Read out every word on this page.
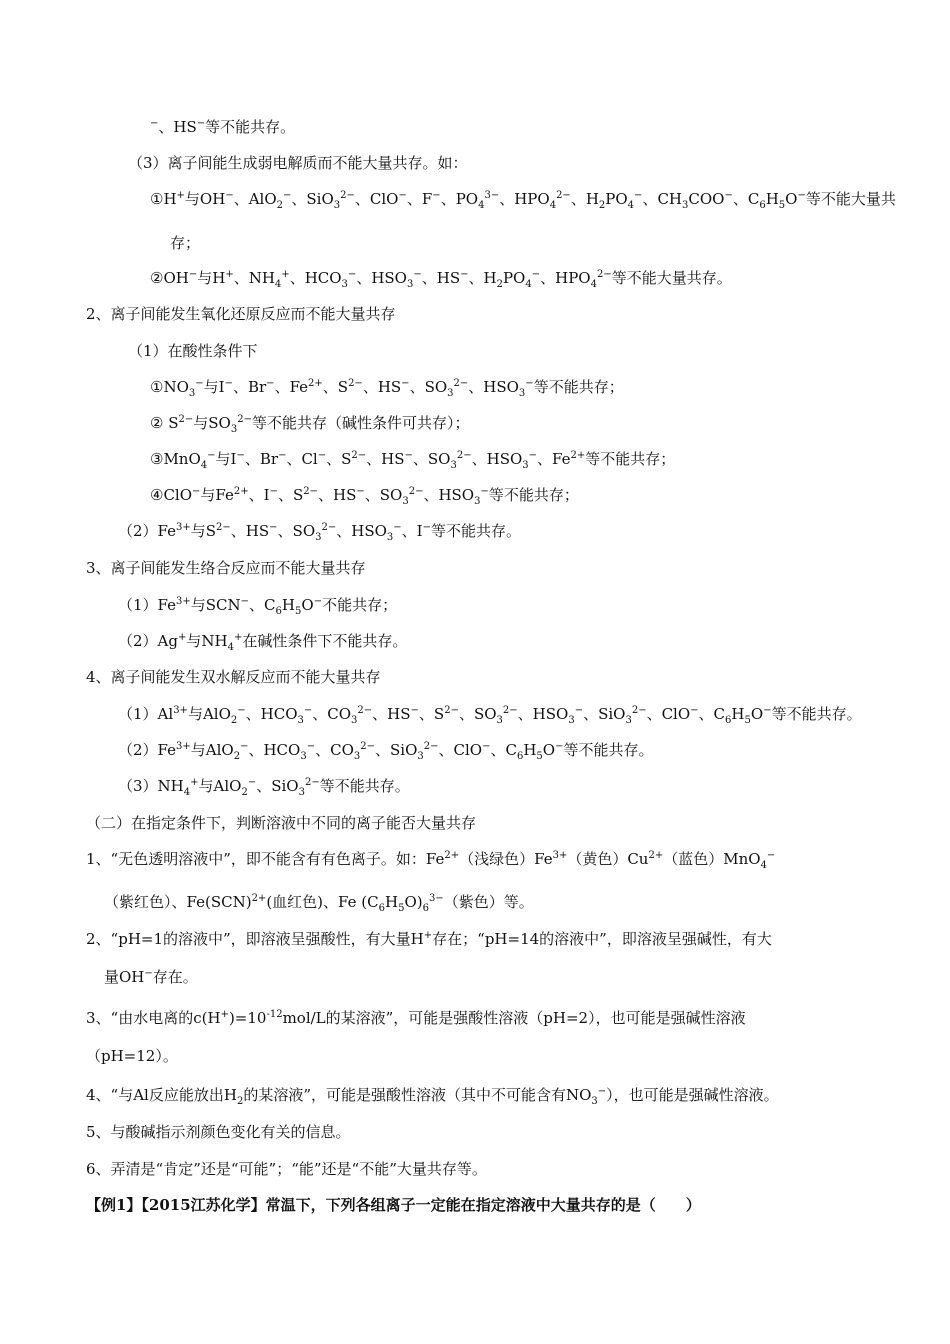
−、HS−等不能共存。
（3）离子间能生成弱电解质而不能大量共存。如：
①H+与OH−、AlO$_2$−、SiO$_3^{2-}$、ClO−、F−、$PO_4^{3-}$、$HPO_4^{2-}$、$H_2PO_4^-$、$CH_3COO^-$、$C_6H_5O^-$等不能大量共
存；
②OH−与H+、$NH_4^+$、$HCO_3^-$、$HSO_3^-$、HS−、$H_2PO_4^-$、$HPO_4^{2-}$等不能大量共存。
2、离子间能发生氧化还原反应而不能大量共存
（1）在酸性条件下
$①NO_3^-$与I−、Br−、$Fe^{2+}$、$S^{2-}$、HS−、$SO_3^{2-}$、$HSO_3^-$等不能共存；
② $S^{2-}$与$SO_3^{2-}$等不能共存（碱性条件可共存）；
③MnO$_4$−与I−、Br−、Cl−、$S^{2-}$、HS−、$SO_3^{2-}$、$HSO_3^-$、$Fe^{2+}$等不能共存；
④ClO−与$Fe^{2+}$、I−、$S^{2-}$、HS−、$SO_3^{2-}$、$HSO_3^-$等不能共存；
$(2)Fe^{3+}$与$S^{2-}$、HS−、$SO_3^{2-}$、$HSO_3^-$、I−等不能共存。
3、离子间能发生络合反应而不能大量共存
$(1)Fe^{3+}$与SCN−、$C_6H_5O^-$不能共存；
（2）Ag+与$NH_4^+$在碱性条件下不能共存。
4、离子间能发生双水解反应而不能大量共存
$(1)Al^{3+}$与AlO$_2$−、$HCO_3^-$、$CO_3^{2-}$、HS−、$S^{2-}$、$SO_3^{2-}$、$HSO_3^-$、SiO$_3^{2-}$、ClO−、$C_6H_5O^-$等不能共存。
$(2)Fe^{3+}$与AlO$_2$−、$HCO_3^-$、$CO_3^{2-}$、SiO$_3^{2-}$、ClO−、$C_6H_5O^-$等不能共存。
$(3)NH_4^+$与AlO$_2$−、SiO$_3^{2-}$等不能共存。
（二）在指定条件下，判断溶液中不同的离子能否大量共存
1、“无色透明溶液中”，即不能含有有色离子。如：$Fe^{2+}$（浅绿色）$Fe^{3+}$（黄色）$Cu^{2+}$（蓝色）MnO$_4$−
（紫红色）、Fe(SCN)$^{2+}$(血红色)、Fe $(C_6H_5O)_6^{3-}$（紫色）等。
2、“pH=1的溶液中”，即溶液呈强酸性，有大量H+存在；“pH=14的溶液中”，即溶液呈强碱性，有大
量OH−存在。
3、“由水电离的$c(H^+)=10^{-12}mol/L$的某溶液”，可能是强酸性溶液（pH=2），也可能是强碱性溶液
（pH=12）。
4、“与Al反应能放出$H_2$的某溶液”，可能是强酸性溶液（其中不可能含有$NO_3^-$），也可能是强碱性溶液。
5、与酸碱指示剂颜色变化有关的信息。
6、弄清是“肯定”还是“可能”；“能”还是“不能”大量共存等。
【例1】【2015江苏化学】常温下，下列各组离子一定能在指定溶液中大量共存的是（　　）
